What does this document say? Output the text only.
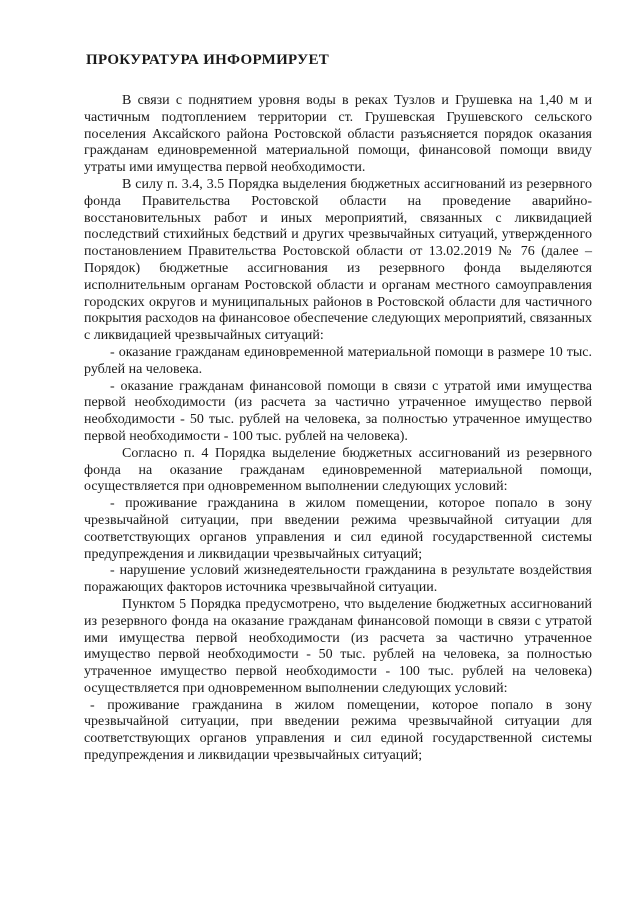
ПРОКУРАТУРА ИНФОРМИРУЕТ

В связи с поднятием уровня воды в реках Тузлов и Грушевка на 1,40 м и частичным подтоплением территории ст. Грушевская Грушевского сельского поселения Аксайского района Ростовской области разъясняется порядок оказания гражданам единовременной материальной помощи, финансовой помощи ввиду утраты ими имущества первой необходимости.

В силу п. 3.4, 3.5 Порядка выделения бюджетных ассигнований из резервного фонда Правительства Ростовской области на проведение аварийно-восстановительных работ и иных мероприятий, связанных с ликвидацией последствий стихийных бедствий и других чрезвычайных ситуаций, утвержденного постановлением Правительства Ростовской области от 13.02.2019 № 76 (далее – Порядок) бюджетные ассигнования из резервного фонда выделяются исполнительным органам Ростовской области и органам местного самоуправления городских округов и муниципальных районов в Ростовской области для частичного покрытия расходов на финансовое обеспечение следующих мероприятий, связанных с ликвидацией чрезвычайных ситуаций:

- оказание гражданам единовременной материальной помощи в размере 10 тыс. рублей на человека.

- оказание гражданам финансовой помощи в связи с утратой ими имущества первой необходимости (из расчета за частично утраченное имущество первой необходимости - 50 тыс. рублей на человека, за полностью утраченное имущество первой необходимости - 100 тыс. рублей на человека).

Согласно п. 4 Порядка выделение бюджетных ассигнований из резервного фонда на оказание гражданам единовременной материальной помощи, осуществляется при одновременном выполнении следующих условий:

- проживание гражданина в жилом помещении, которое попало в зону чрезвычайной ситуации, при введении режима чрезвычайной ситуации для соответствующих органов управления и сил единой государственной системы предупреждения и ликвидации чрезвычайных ситуаций;

- нарушение условий жизнедеятельности гражданина в результате воздействия поражающих факторов источника чрезвычайной ситуации.

Пунктом 5 Порядка предусмотрено, что выделение бюджетных ассигнований из резервного фонда на оказание гражданам финансовой помощи в связи с утратой ими имущества первой необходимости (из расчета за частично утраченное имущество первой необходимости - 50 тыс. рублей на человека, за полностью утраченное имущество первой необходимости - 100 тыс. рублей на человека) осуществляется при одновременном выполнении следующих условий:

- проживание гражданина в жилом помещении, которое попало в зону чрезвычайной ситуации, при введении режима чрезвычайной ситуации для соответствующих органов управления и сил единой государственной системы предупреждения и ликвидации чрезвычайных ситуаций;
